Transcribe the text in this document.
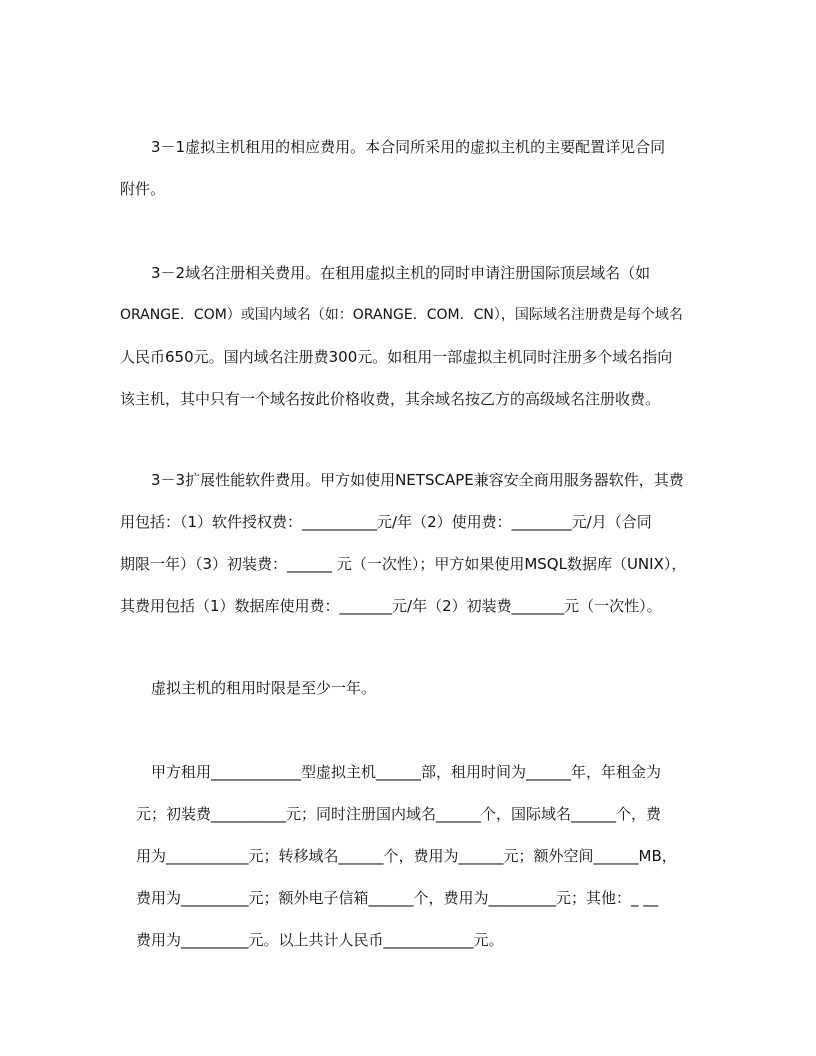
3－1虚拟主机租用的相应费用。本合同所采用的虚拟主机的主要配置详见合同
附件。
3－2域名注册相关费用。在租用虚拟主机的同时申请注册国际顶层域名（如
ORANGE．COM）或国内域名（如：ORANGE．COM．CN），国际域名注册费是每个域名
人民币650元。国内域名注册费300元。如租用一部虚拟主机同时注册多个域名指向
该主机，其中只有一个域名按此价格收费，其余域名按乙方的高级域名注册收费。
3－3扩展性能软件费用。甲方如使用NETSCAPE兼容安全商用服务器软件，其费
用包括：（1）软件授权费：__________元/年（2）使用费：________元/月（合同
期限一年）（3）初装费：______ 元（一次性）；甲方如果使用MSQL数据库（UNIX），
其费用包括（1）数据库使用费：_______元/年（2）初装费_______元（一次性）。
虚拟主机的租用时限是至少一年。
甲方租用____________型虚拟主机______部，租用时间为______年，年租金为
元；初装费__________元；同时注册国内域名______个，国际域名______个，费
用为___________元；转移域名______个，费用为______元；额外空间______MB，
费用为_________元；额外电子信箱______个，费用为_________元；其他：_ __
费用为_________元。以上共计人民币____________元。
